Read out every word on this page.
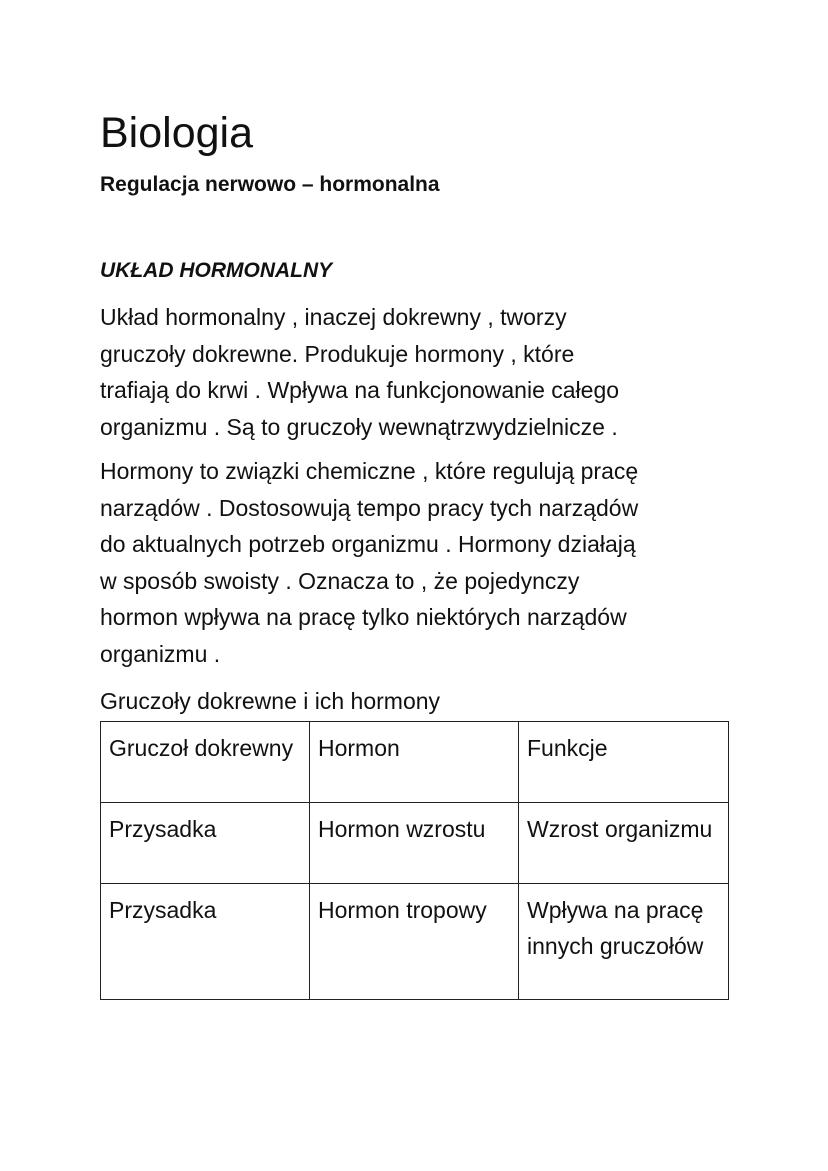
Biologia
Regulacja nerwowo – hormonalna
UKŁAD HORMONALNY
Układ hormonalny , inaczej dokrewny , tworzy
gruczoły dokrewne. Produkuje hormony , które
trafiają do krwi . Wpływa na funkcjonowanie całego
organizmu . Są to gruczoły wewnątrzwydzielnicze .
Hormony to związki chemiczne , które regulują pracę
narządów . Dostosowują tempo pracy tych narządów
do aktualnych potrzeb organizmu . Hormony działają
w sposób swoisty . Oznacza to , że pojedynczy
hormon wpływa na pracę tylko niektórych narządów
organizmu .
Gruczoły dokrewne i ich hormony
Gruczoł dokrewny	Hormon	Funkcje
Przysadka	Hormon wzrostu	Wzrost organizmu
Przysadka	Hormon tropowy	Wpływa na pracę innych gruczołów
